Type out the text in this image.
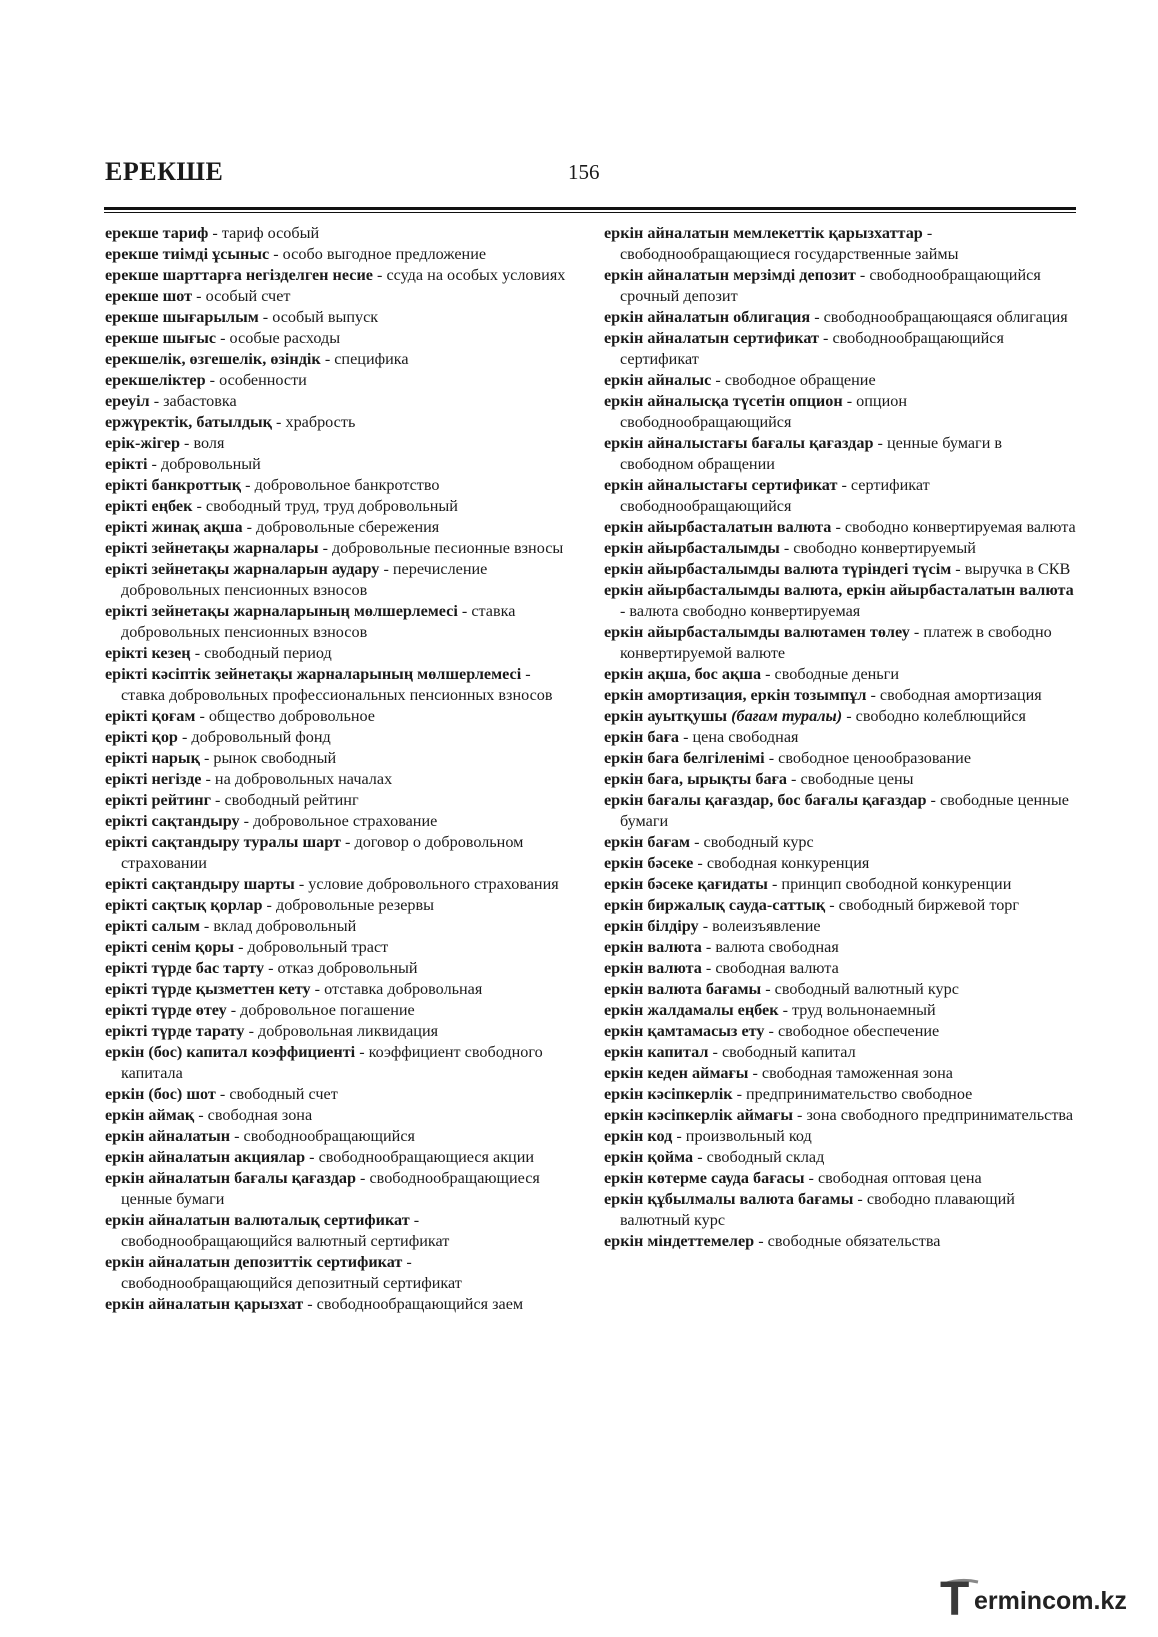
ЕРЕКШЕ	156
ерекше тариф - тариф особый
ерекше тиімді ұсыныс - особо выгодное предложение
ерекше шарттарға негізделген несие - ссуда на особых условиях
ерекше шот - особый счет
ерекше шығарылым - особый выпуск
ерекше шығыс - особые расходы
ерекшелік, өзгешелік, өзіндік - специфика
ерекшеліктер - особенности
ереуіл - забастовка
ержүректік, батылдық - храбрость
ерік-жігер - воля
ерікті - добровольный
ерікті банкроттық - добровольное банкротство
ерікті еңбек - свободный труд, труд добровольный
ерікті жинақ ақша - добровольные сбережения
ерікті зейнетақы жарналары - добровольные песионные взносы
ерікті зейнетақы жарналарын аудару - перечисление добровольных пенсионных взносов
ерікті зейнетақы жарналарының мөлшерлемесі - ставка добровольных пенсионных взносов
ерікті кезең - свободный период
ерікті кәсіптік зейнетақы жарналарының мөлшерлемесі - ставка добровольных профессиональных пенсионных взносов
ерікті қоғам - общество добровольное
ерікті қор - добровольный фонд
ерікті нарық - рынок свободный
ерікті негізде - на добровольных началах
ерікті рейтинг - свободный рейтинг
ерікті сақтандыру - добровольное страхование
ерікті сақтандыру туралы шарт - договор о добровольном страховании
ерікті сақтандыру шарты - условие добровольного страхования
ерікті сақтық қорлар - добровольные резервы
ерікті салым - вклад добровольный
ерікті сенім қоры - добровольный траст
ерікті түрде бас тарту - отказ добровольный
ерікті түрде қызметтен кету - отставка добровольная
ерікті түрде өтеу - добровольное погашение
ерікті түрде тарату - добровольная ликвидация
еркін (бос) капитал коэффициенті - коэффициент свободного капитала
еркін (бос) шот - свободный счет
еркін аймақ - свободная зона
еркін айналатын - свободнообращающийся
еркін айналатын акциялар - свободнообращающиеся акции
еркін айналатын бағалы қағаздар - свободнообращающиеся ценные бумаги
еркін айналатын валюталық сертификат - свободнообращающийся валютный сертификат
еркін айналатын депозиттік сертификат - свободнообращающийся депозитный сертификат
еркін айналатын қарызхат - свободнообращающийся заем
еркін айналатын мемлекеттік қарызхаттар - свободнообращающиеся государственные займы
еркін айналатын мерзімді депозит - свободнообращающийся срочный депозит
еркін айналатын облигация - свободнообращающаяся облигация
еркін айналатын сертификат - свободнообращающийся сертификат
еркін айналыс - свободное обращение
еркін айналысқа түсетін опцион - опцион свободнообращающийся
еркін айналыстағы бағалы қағаздар - ценные бумаги в свободном обращении
еркін айналыстағы сертификат - сертификат свободнообращающийся
еркін айырбасталатын валюта - свободно конвертируемая валюта
еркін айырбасталымды - свободно конвертируемый
еркін айырбасталымды валюта түріндегі түсім - выручка в СКВ
еркін айырбасталымды валюта, еркін айырбасталатын валюта - валюта свободно конвертируемая
еркін айырбасталымды валютамен төлеу - платеж в свободно конвертируемой валюте
еркін ақша, бос ақша - свободные деньги
еркін амортизация, еркін тозымпұл - свободная амортизация
еркін ауытқушы (бағам туралы) - свободно колеблющийся
еркін баға - цена свободная
еркін баға белгіленімі - свободное ценообразование
еркін баға, ырықты баға - свободные цены
еркін бағалы қағаздар, бос бағалы қағаздар - свободные ценные бумаги
еркін бағам - свободный курс
еркін бәсеке - свободная конкуренция
еркін бәсеке қағидаты - принцип свободной конкуренции
еркін биржалық сауда-саттық - свободный биржевой торг
еркін білдіру - волеизъявление
еркін валюта - валюта свободная
еркін валюта - свободная валюта
еркін валюта бағамы - свободный валютный курс
еркін жалдамалы еңбек - труд вольнонаемный
еркін қамтамасыз ету - свободное обеспечение
еркін капитал - свободный капитал
еркін кеден аймағы - свободная таможенная зона
еркін кәсіпкерлік - предпринимательство свободное
еркін кәсіпкерлік аймағы - зона свободного предпринимательства
еркін код - произвольный код
еркін қойма - свободный склад
еркін көтерме сауда бағасы - свободная оптовая цена
еркін құбылмалы валюта бағамы - свободно плавающий валютный курс
еркін міндеттемелер - свободные обязательства
T ermincom.kz
